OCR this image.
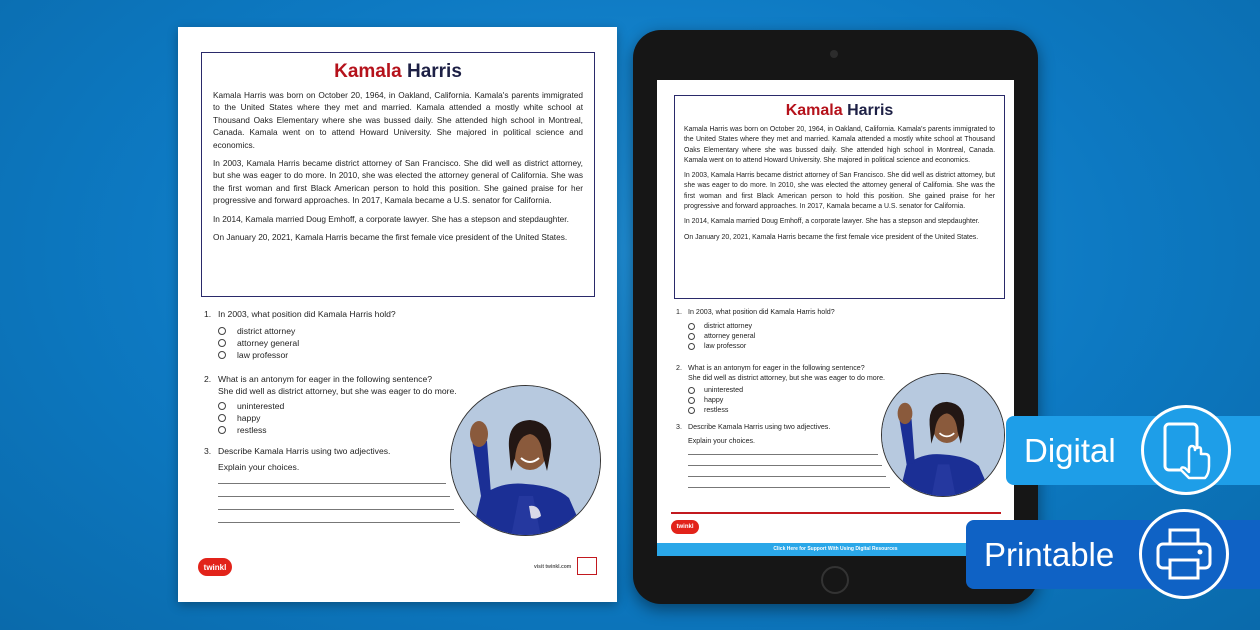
Kamala Harris

Kamala Harris was born on October 20, 1964, in Oakland, California. Kamala's parents immigrated to the United States where they met and married. Kamala attended a mostly white school at Thousand Oaks Elementary where she was bussed daily. She attended high school in Montreal, Canada. Kamala went on to attend Howard University. She majored in political science and economics.

In 2003, Kamala Harris became district attorney of San Francisco. She did well as district attorney, but she was eager to do more. In 2010, she was elected the attorney general of California. She was the first woman and first Black American person to hold this position. She gained praise for her progressive and forward approaches. In 2017, Kamala became a U.S. senator for California.

In 2014, Kamala married Doug Emhoff, a corporate lawyer. She has a stepson and stepdaughter.

On January 20, 2021, Kamala Harris became the first female vice president of the United States.

1. In 2003, what position did Kamala Harris hold?
district attorney
attorney general
law professor
2. What is an antonym for eager in the following sentence?
She did well as district attorney, but she was eager to do more.
uninterested
happy
restless
3. Describe Kamala Harris using two adjectives.
Explain your choices.
twinkl	visit twinkl.com
Kamala Harris

Kamala Harris was born on October 20, 1964, in Oakland, California. Kamala's parents immigrated to the United States where they met and married. Kamala attended a mostly white school at Thousand Oaks Elementary where she was bussed daily. She attended high school in Montreal, Canada. Kamala went on to attend Howard University. She majored in political science and economics.

In 2003, Kamala Harris became district attorney of San Francisco. She did well as district attorney, but she was eager to do more. In 2010, she was elected the attorney general of California. She was the first woman and first Black American person to hold this position. She gained praise for her progressive and forward approaches. In 2017, Kamala became a U.S. senator for California.

In 2014, Kamala married Doug Emhoff, a corporate lawyer. She has a stepson and stepdaughter.

On January 20, 2021, Kamala Harris became the first female vice president of the United States.

1. In 2003, what position did Kamala Harris hold?
district attorney
attorney general
law professor
2. What is an antonym for eager in the following sentence?
She did well as district attorney, but she was eager to do more.
uninterested
happy
restless
3. Describe Kamala Harris using two adjectives.
Explain your choices.
twinkl
Click Here for Support With Using Digital Resources
Digital
Printable
